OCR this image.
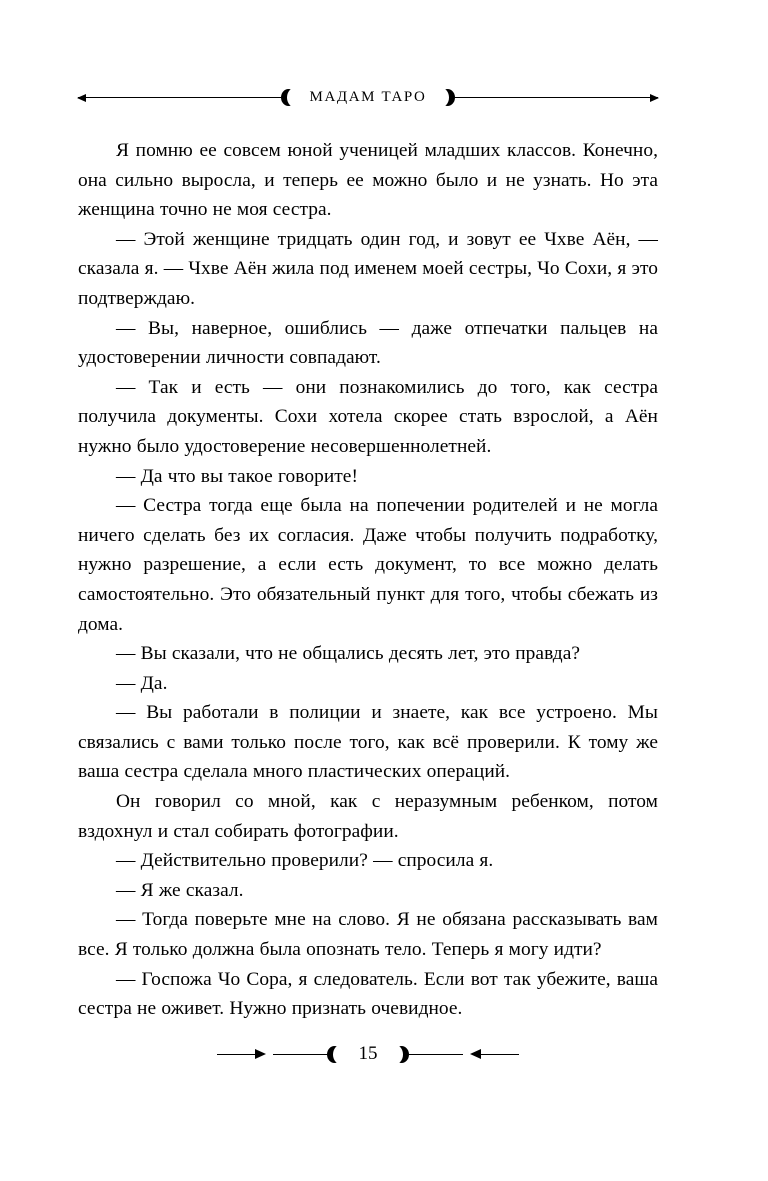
МАДАМ ТАРО

Я помню ее совсем юной ученицей младших классов. Конечно, она сильно выросла, и теперь ее можно было и не узнать. Но эта женщина точно не моя сестра.

— Этой женщине тридцать один год, и зовут ее Чхве Аён, — сказала я. — Чхве Аён жила под именем моей сестры, Чо Сохи, я это подтверждаю.

— Вы, наверное, ошиблись — даже отпечатки пальцев на удостоверении личности совпадают.

— Так и есть — они познакомились до того, как сестра получила документы. Сохи хотела скорее стать взрослой, а Аён нужно было удостоверение несовершеннолетней.

— Да что вы такое говорите!

— Сестра тогда еще была на попечении родителей и не могла ничего сделать без их согласия. Даже чтобы получить подработку, нужно разрешение, а если есть документ, то все можно делать самостоятельно. Это обязательный пункт для того, чтобы сбежать из дома.

— Вы сказали, что не общались десять лет, это правда?

— Да.

— Вы работали в полиции и знаете, как все устроено. Мы связались с вами только после того, как всё проверили. К тому же ваша сестра сделала много пластических операций.

Он говорил со мной, как с неразумным ребенком, потом вздохнул и стал собирать фотографии.

— Действительно проверили? — спросила я.

— Я же сказал.

— Тогда поверьте мне на слово. Я не обязана рассказывать вам все. Я только должна была опознать тело. Теперь я могу идти?

— Госпожа Чо Сора, я следователь. Если вот так убежите, ваша сестра не оживет. Нужно признать очевидное.

15
